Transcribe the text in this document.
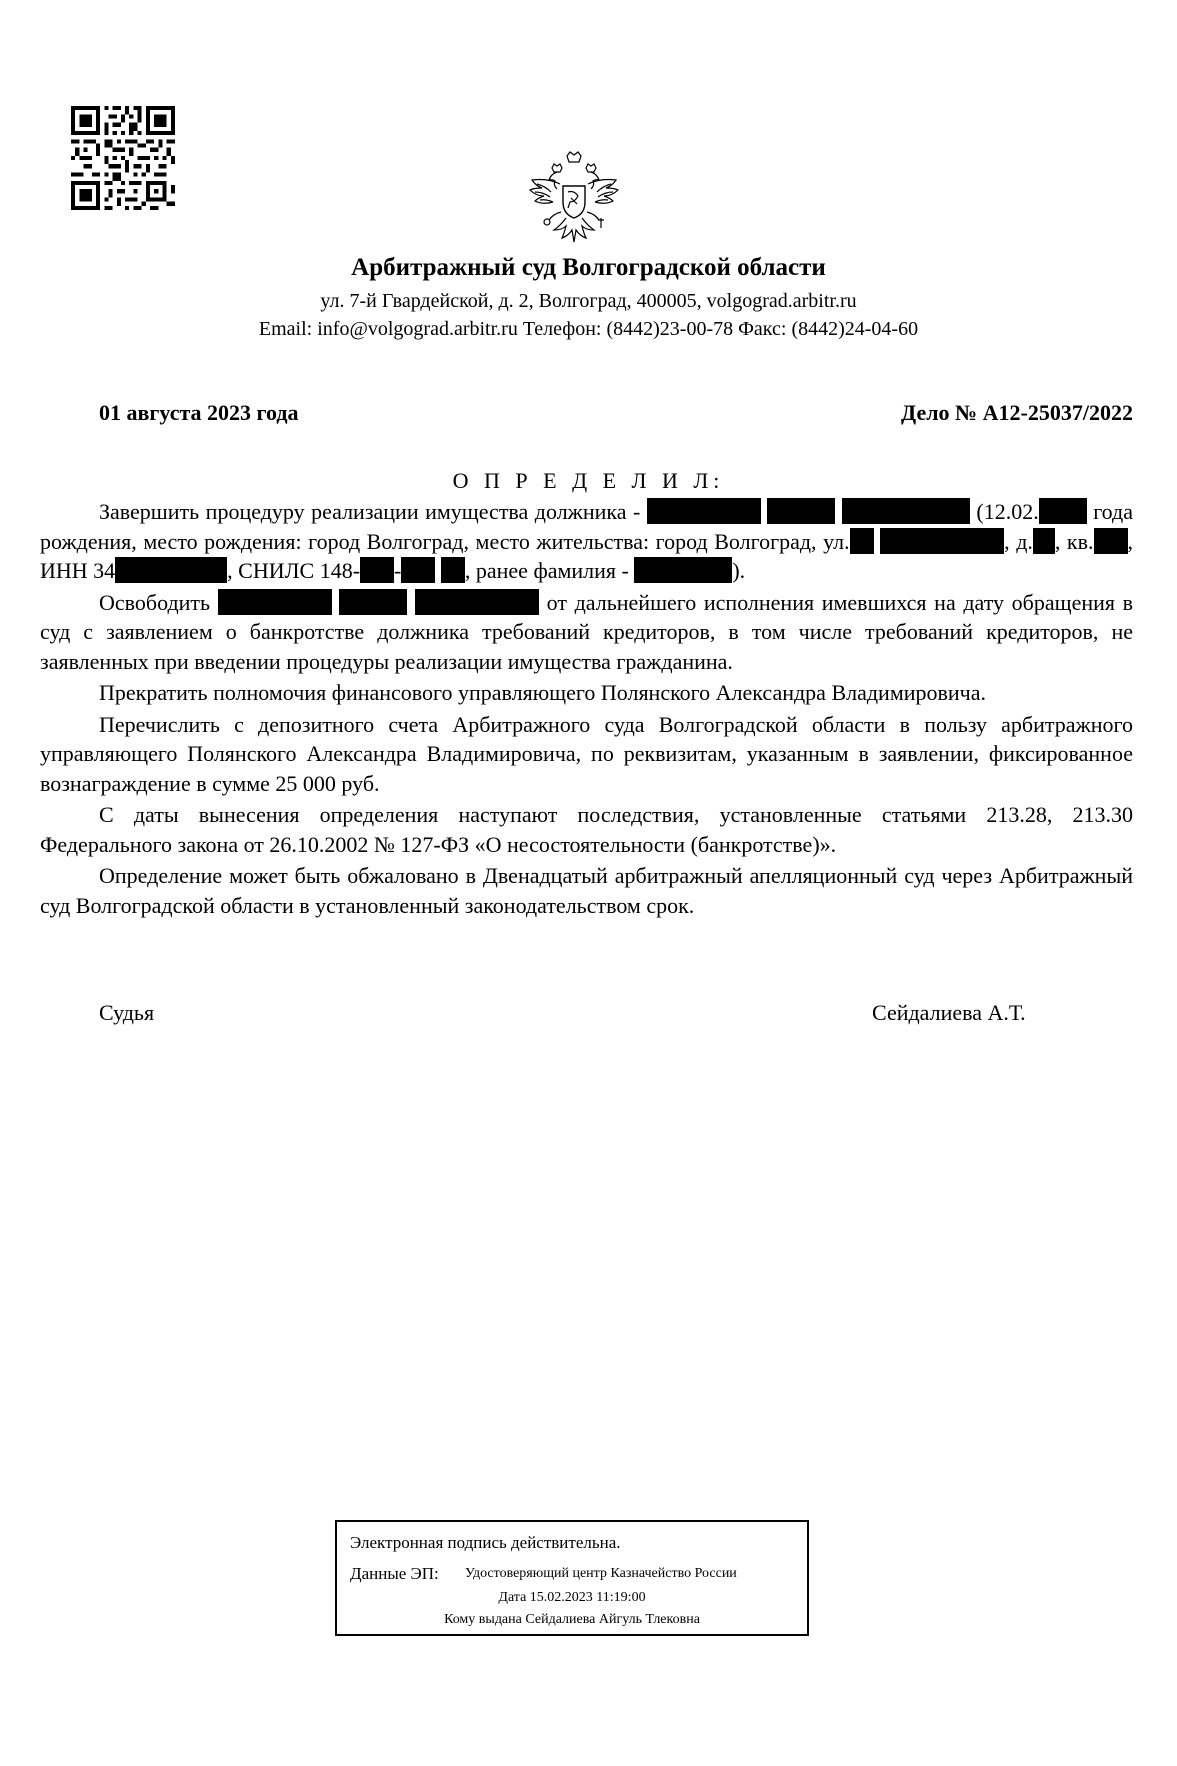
Арбитражный суд Волгоградской области
ул. 7-й Гвардейской, д. 2, Волгоград, 400005, volgograd.arbitr.ru
Email: info@volgograd.arbitr.ru Телефон: (8442)23-00-78 Факс: (8442)24-04-60
01 августа 2023 года	Дело № А12-25037/2022
О П Р Е Д Е Л И Л:

Завершить процедуру реализации имущества должника -	(12.02. года рождения, место рождения: город Волгоград, место жительства: город Волгоград, ул.	, д. , кв. , ИНН 34	, СНИЛС 148- -	, ранее фамилия -	).

Освободить	от дальнейшего исполнения имевшихся на дату обращения в суд с заявлением о банкротстве должника требований кредиторов, в том числе требований кредиторов, не заявленных при введении процедуры реализации имущества гражданина.

Прекратить полномочия финансового управляющего Полянского Александра Владимировича.

Перечислить с депозитного счета Арбитражного суда Волгоградской области в пользу арбитражного управляющего Полянского Александра Владимировича, по реквизитам, указанным в заявлении, фиксированное вознаграждение в сумме 25 000 руб.

С даты вынесения определения наступают последствия, установленные статьями 213.28, 213.30 Федерального закона от 26.10.2002 № 127-ФЗ «О несостоятельности (банкротстве)».

Определение может быть обжаловано в Двенадцатый арбитражный апелляционный суд через Арбитражный суд Волгоградской области в установленный законодательством срок.

Судья	Сейдалиева А.Т.
Электронная подпись действительна.
Данные ЭП: Удостоверяющий центр Казначейство России
Дата 15.02.2023 11:19:00
Кому выдана Сейдалиева Айгуль Тлековна
